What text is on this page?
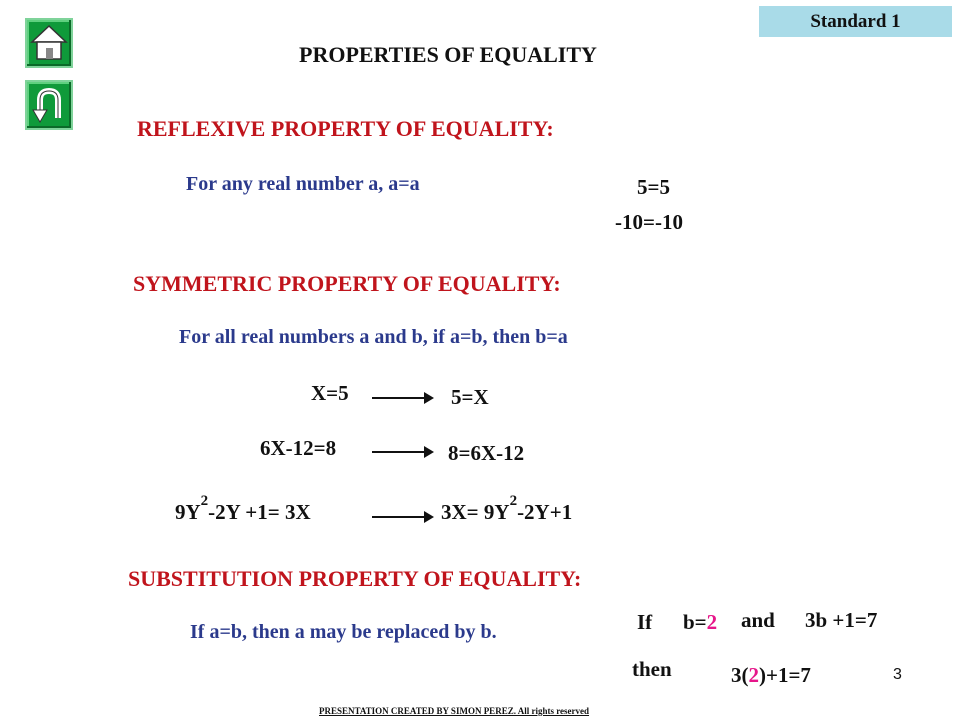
Standard 1
PROPERTIES OF EQUALITY
REFLEXIVE PROPERTY OF EQUALITY:
For any real number a, a=a	5=5
-10=-10
SYMMETRIC PROPERTY OF EQUALITY:
For all real numbers a and b, if a=b, then b=a
X=5	5=X
6X-12=8	8=6X-12
$9Y^2-2Y +1= 3X$	$3X= 9Y^2-2Y+1$
SUBSTITUTION PROPERTY OF EQUALITY:
If a=b, then a may be replaced by b.	If b=2 and 3b +1=7
then	3(2)+1=7	3
PRESENTATION CREATED BY SIMON PEREZ. All rights reserved
